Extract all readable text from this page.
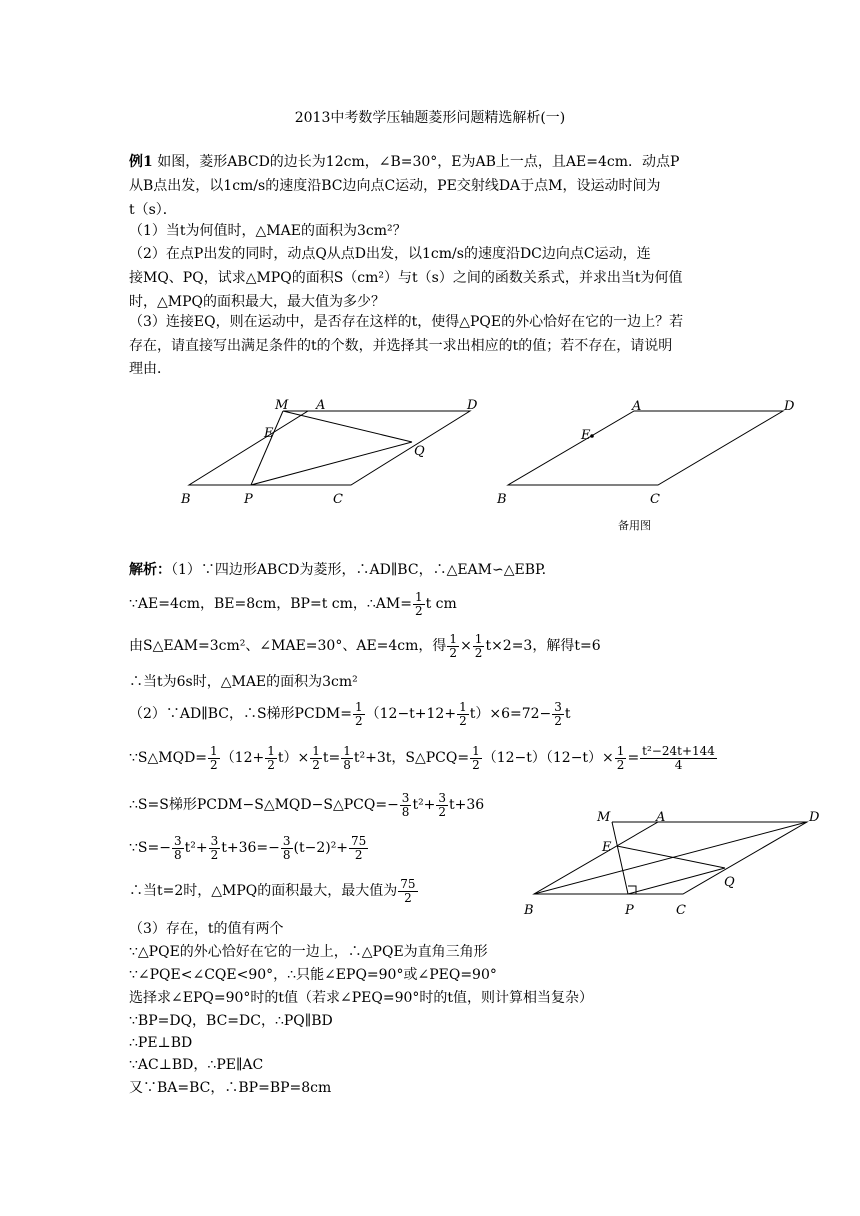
2013中考数学压轴题菱形问题精选解析(一)
例1 如图，菱形ABCD的边长为12cm，∠B=30°，E为AB上一点，且AE=4cm．动点P
从B点出发，以1cm/s的速度沿BC边向点C运动，PE交射线DA于点M，设运动时间为
t（s）．
（1）当t为何值时，△MAE的面积为3cm²？
（2）在点P出发的同时，动点Q从点D出发，以1cm/s的速度沿DC边向点C运动，连
接MQ、PQ，试求△MPQ的面积S（cm²）与t（s）之间的函数关系式，并求出当t为何值
时，△MPQ的面积最大，最大值为多少？
（3）连接EQ，则在运动中，是否存在这样的t，使得△PQE的外心恰好在它的一边上？若
存在，请直接写出满足条件的t的个数，并选择其一求出相应的t的值；若不存在，请说明
理由．
M A	D
E
Q
B	P	C
A	D
E
B	C
M	A	D
E
Q
B	P	C
备用图
解析：（1）∵四边形ABCD为菱形，∴AD∥BC，∴△EAM∽△EBP.
∵AE=4cm，BE=8cm，BP=t cm，∴AM= $\frac{1}{2}$ t cm
由S△EAM=3cm²、∠MAE=30°、AE=4cm，得 $\frac{1}{2} \times \frac{1}{2} t\times 2=3$，解得t=6
∴当t为6s时，△MAE的面积为3cm²
（2）∵AD∥BC，∴S梯形PCDM= $\frac{1}{2} (12-t+12+ \frac{1}{2} t)\times 6=72- \frac{3}{2}$ t
∵S△MQD= $\frac{1}{2} (12+ \frac{1}{2} t)\times \frac{1}{2} t= \frac{1}{8} t^2+3t$，S△PCQ= $\frac{1}{2} (12-t)(12-t)\times \frac{1}{2} = \frac{\text{t²−24t+144}}{4}$
∴S=S梯形PCDM−S△MQD−S△PCQ=− $\frac{3}{8} t^2+ \frac{3}{2} t+36$
∵S=− $\frac{3}{8} t^2+ \frac{3}{2} t+36=- \frac{3}{8} (t-2)^2+ \frac{75}{2}$
∴当t=2时，△MPQ的面积最大，最大值为 $\frac{75}{2}$
（3）存在，t的值有两个
∵△PQE的外心恰好在它的一边上，∴△PQE为直角三角形
∵∠PQE<∠CQE<90°，∴只能∠EPQ=90°或∠PEQ=90°
选择求∠EPQ=90°时的t值（若求∠PEQ=90°时的t值，则计算相当复杂）
∵BP=DQ，BC=DC，∴PQ∥BD
∴PE⊥BD
∵AC⊥BD，∴PE∥AC
又∵BA=BC，∴BP=BP=8cm
